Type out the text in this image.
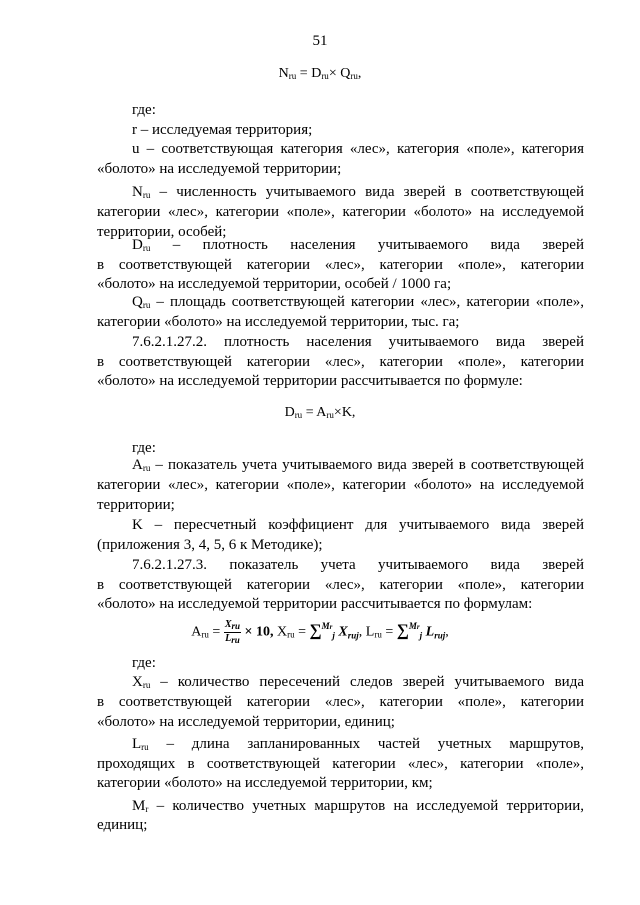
51
$N_{ru} = D_{ru}\times Q_{ru}$,
где:
r – исследуемая территория;
u – соответствующая категория «лес», категория «поле», категория
«болото» на исследуемой территории;
$N_{ru}$ – численность учитываемого вида зверей в соответствующей
категории «лес», категории «поле», категории «болото» на исследуемой
территории, особей;
$D_{ru}$ – плотность населения учитываемого вида зверей
в соответствующей категории «лес», категории «поле», категории
«болото» на исследуемой территории, особей / 1000 га;
$Q_{ru}$ – площадь соответствующей категории «лес», категории «поле»,
категории «болото» на исследуемой территории, тыс. га;
7.6.2.1.27.2. плотность населения учитываемого вида зверей
в соответствующей категории «лес», категории «поле», категории
«болото» на исследуемой территории рассчитывается по формуле:
$D_{ru} = A_{ru}\times K$,
где:
$A_{ru}$ – показатель учета учитываемого вида зверей в соответствующей
категории «лес», категории «поле», категории «болото» на исследуемой
территории;
K – пересчетный коэффициент для учитываемого вида зверей
(приложения 3, 4, 5, 6 к Методике);
7.6.2.1.27.3. показатель учета учитываемого вида зверей
в соответствующей категории «лес», категории «поле», категории
«болото» на исследуемой территории рассчитывается по формулам:
$A_{ru} = \frac{\text{Xru}}{\text{Lru}} \times 10$, $X_{ru} = \sum^{Mr}_j$ $X_{ruj}$, $L_{ru} = \sum^{Mr}_j$ $L_{ruj}$,
где:
$X_{ru}$ – количество пересечений следов зверей учитываемого вида
в соответствующей категории «лес», категории «поле», категории
«болото» на исследуемой территории, единиц;
$L_{ru}$ – длина запланированных частей учетных маршрутов,
проходящих в соответствующей категории «лес», категории «поле»,
категории «болото» на исследуемой территории, км;
$M_r$ – количество учетных маршрутов на исследуемой территории,
единиц;
